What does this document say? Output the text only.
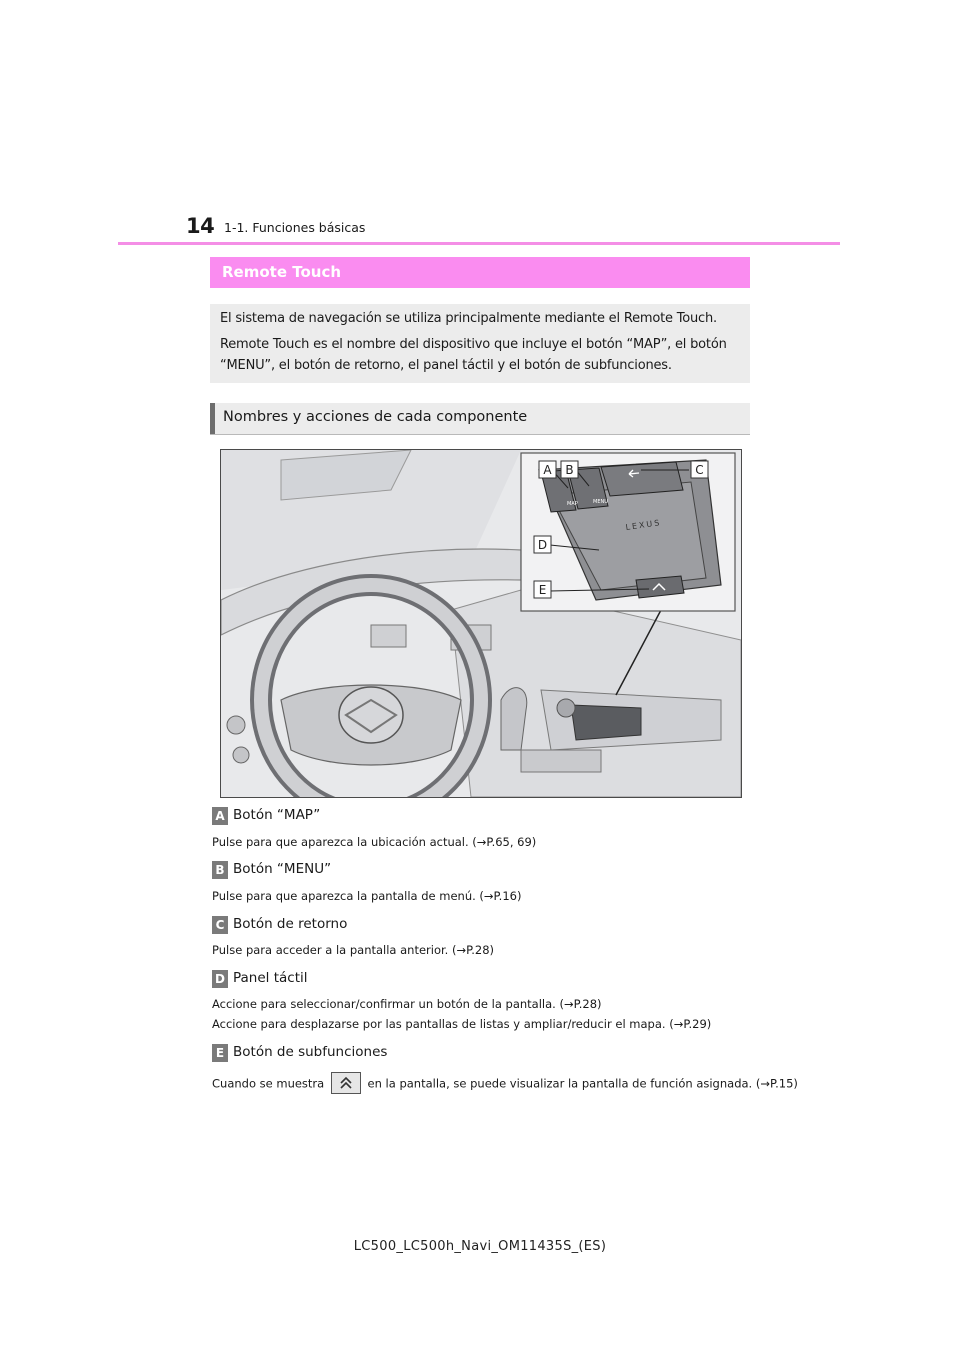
14 1-1. Funciones básicas
Remote Touch

El sistema de navegación se utiliza principalmente mediante el Remote Touch.

Remote Touch es el nombre del dispositivo que incluye el botón “MAP”, el botón

“MENU”, el botón de retorno, el panel táctil y el botón de subfunciones.

Nombres y acciones de cada componente
MAP	MENU
LEXUS
A B	C
D
E
A Botón “MAP”
Pulse para que aparezca la ubicación actual. (→P.65, 69)
B Botón “MENU”
Pulse para que aparezca la pantalla de menú. (→P.16)
C Botón de retorno
Pulse para acceder a la pantalla anterior. (→P.28)
D Panel táctil
Accione para seleccionar/confirmar un botón de la pantalla. (→P.28)
Accione para desplazarse por las pantallas de listas y ampliar/reducir el mapa. (→P.29)
E Botón de subfunciones
Cuando se muestra	en la pantalla, se puede visualizar la pantalla de función asignada. (→P.15)
LC500_LC500h_Navi_OM11435S_(ES)
